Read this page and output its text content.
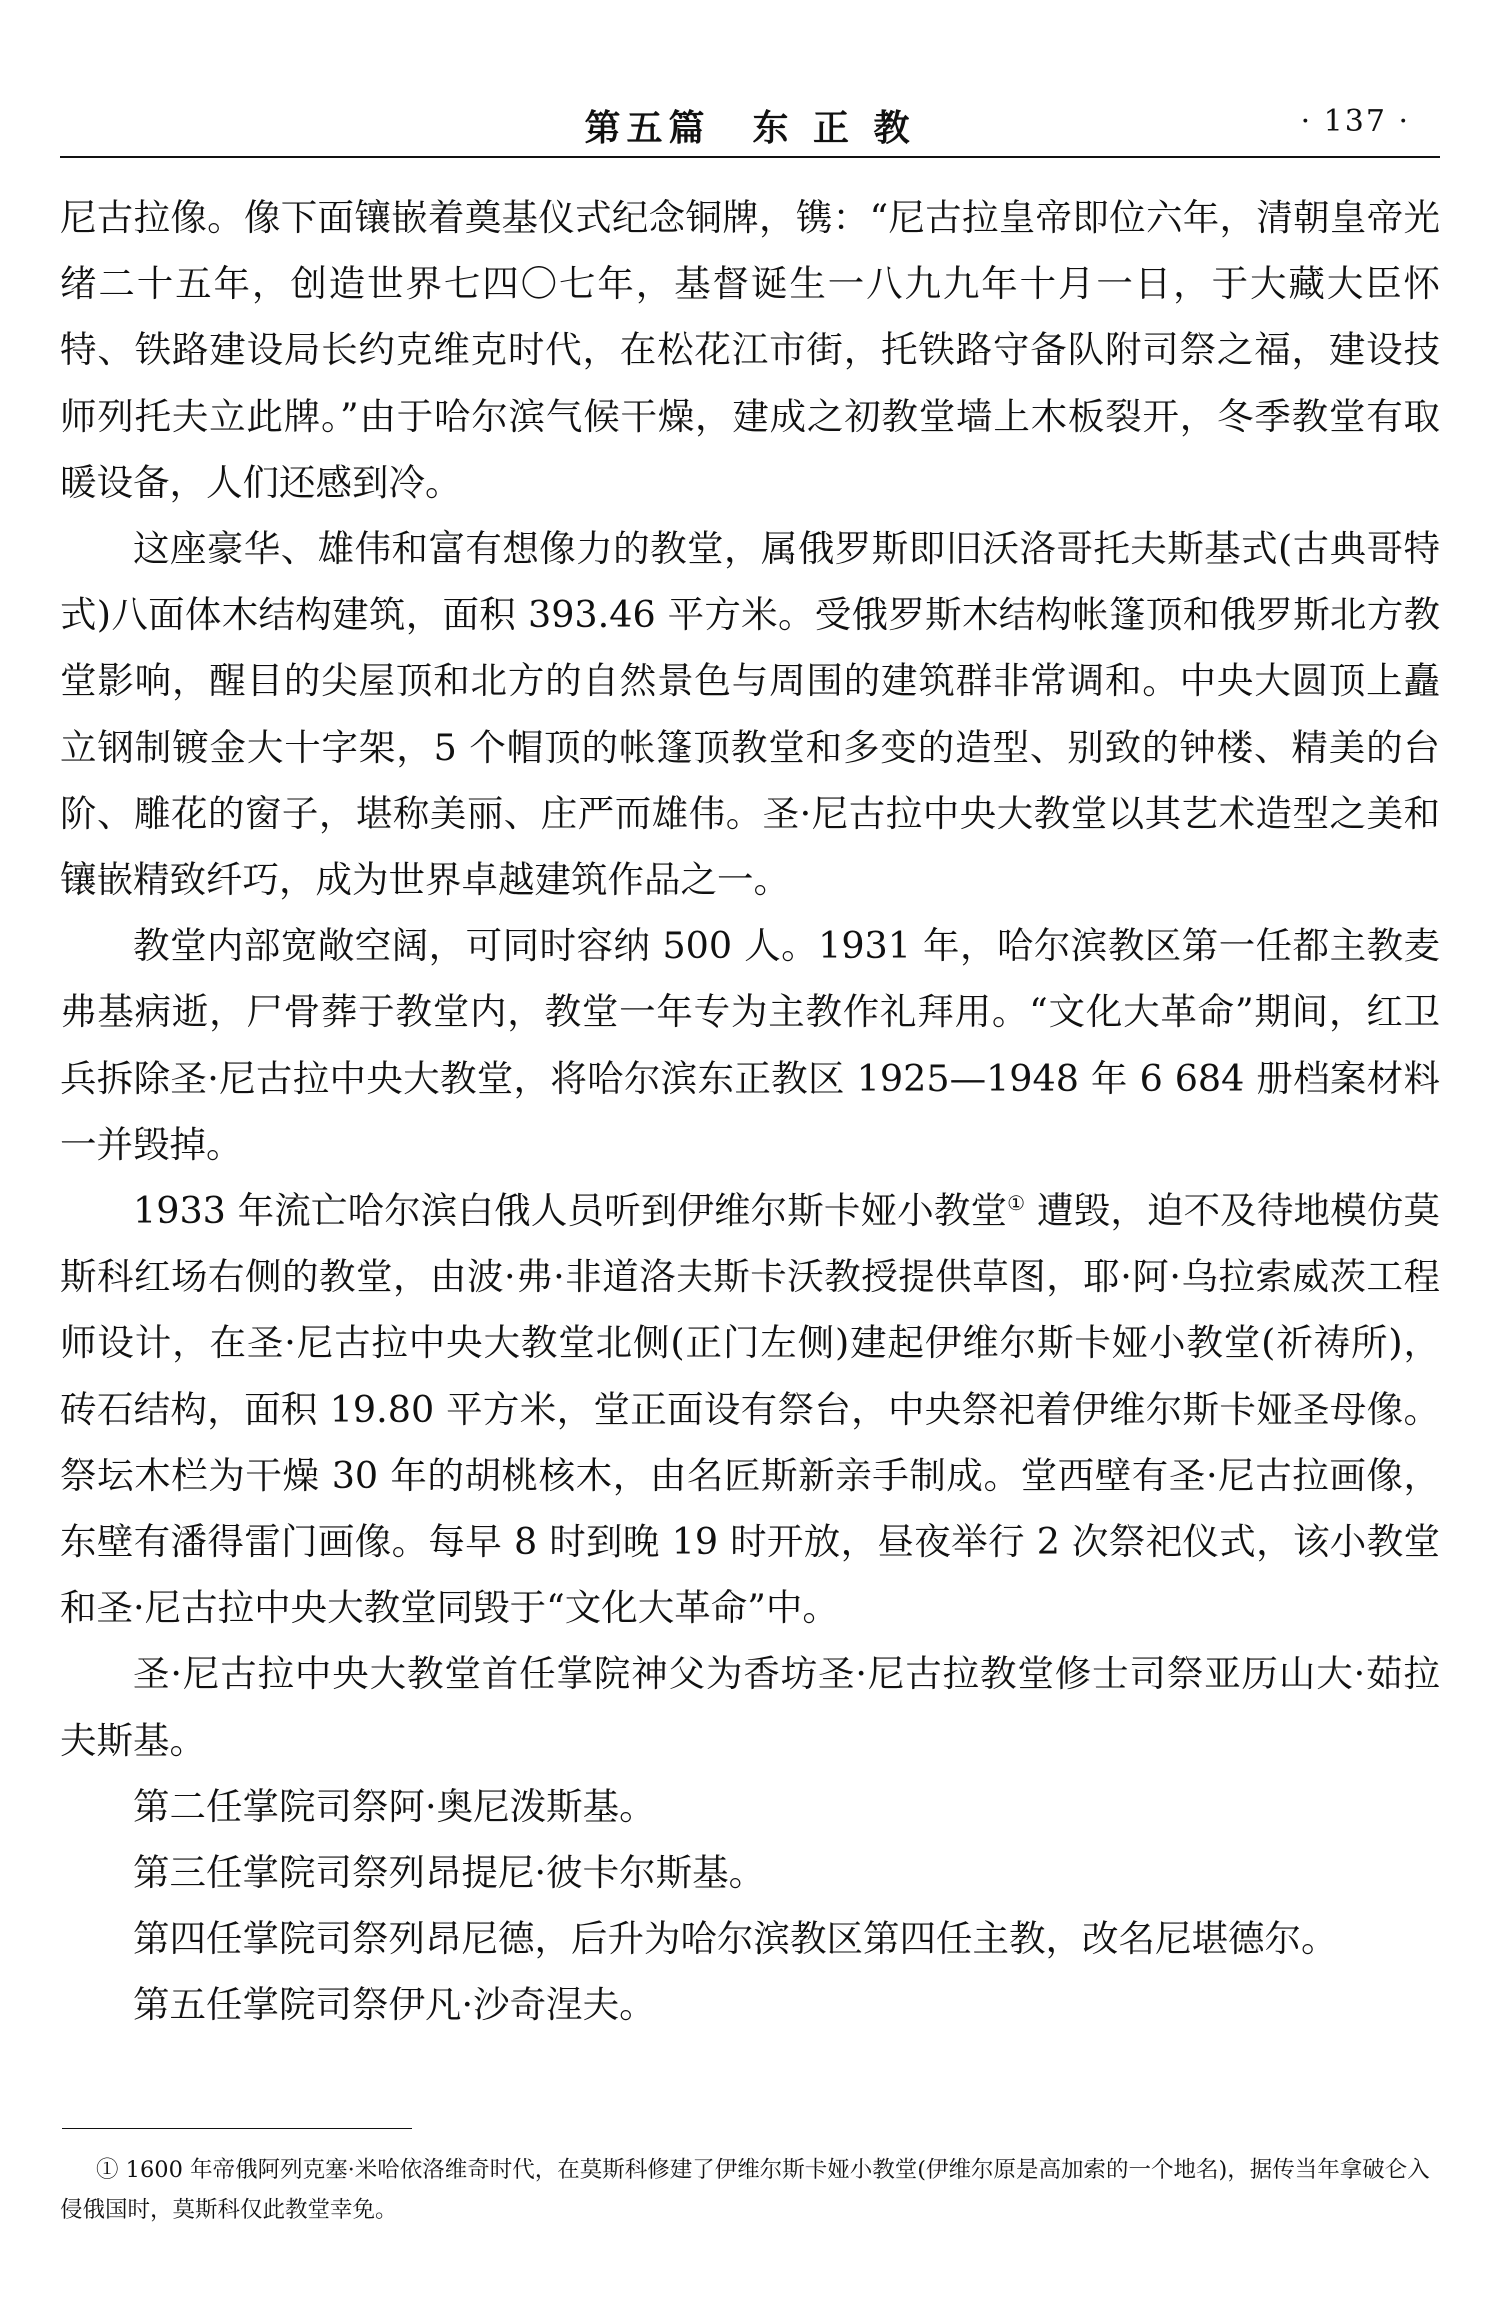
第五篇　东 正 教	· 137 ·

尼古拉像。像下面镶嵌着奠基仪式纪念铜牌，镌：“尼古拉皇帝即位六年，清朝皇帝光绪二十五年，创造世界七四〇七年，基督诞生一八九九年十月一日，于大藏大臣怀特、铁路建设局长约克维克时代，在松花江市街，托铁路守备队附司祭之福，建设技师列托夫立此牌。”由于哈尔滨气候干燥，建成之初教堂墙上木板裂开，冬季教堂有取暖设备，人们还感到冷。

这座豪华、雄伟和富有想像力的教堂，属俄罗斯即旧沃洛哥托夫斯基式(古典哥特式)八面体木结构建筑，面积 393.46 平方米。受俄罗斯木结构帐篷顶和俄罗斯北方教堂影响，醒目的尖屋顶和北方的自然景色与周围的建筑群非常调和。中央大圆顶上矗立钢制镀金大十字架，5 个帽顶的帐篷顶教堂和多变的造型、别致的钟楼、精美的台阶、雕花的窗子，堪称美丽、庄严而雄伟。圣·尼古拉中央大教堂以其艺术造型之美和镶嵌精致纤巧，成为世界卓越建筑作品之一。

教堂内部宽敞空阔，可同时容纳 500 人。1931 年，哈尔滨教区第一任都主教麦弗基病逝，尸骨葬于教堂内，教堂一年专为主教作礼拜用。“文化大革命”期间，红卫兵拆除圣·尼古拉中央大教堂，将哈尔滨东正教区 1925—1948 年 6 684 册档案材料一并毁掉。

1933 年流亡哈尔滨白俄人员听到伊维尔斯卡娅小教堂① 遭毁，迫不及待地模仿莫斯科红场右侧的教堂，由波·弗·非道洛夫斯卡沃教授提供草图，耶·阿·乌拉索威茨工程师设计，在圣·尼古拉中央大教堂北侧(正门左侧)建起伊维尔斯卡娅小教堂(祈祷所)，砖石结构，面积 19.80 平方米，堂正面设有祭台，中央祭祀着伊维尔斯卡娅圣母像。祭坛木栏为干燥 30 年的胡桃核木，由名匠斯新亲手制成。堂西壁有圣·尼古拉画像，东壁有潘得雷门画像。每早 8 时到晚 19 时开放，昼夜举行 2 次祭祀仪式，该小教堂和圣·尼古拉中央大教堂同毁于“文化大革命”中。

圣·尼古拉中央大教堂首任掌院神父为香坊圣·尼古拉教堂修士司祭亚历山大·茹拉夫斯基。

第二任掌院司祭阿·奥尼泼斯基。

第三任掌院司祭列昂提尼·彼卡尔斯基。

第四任掌院司祭列昂尼德，后升为哈尔滨教区第四任主教，改名尼堪德尔。

第五任掌院司祭伊凡·沙奇涅夫。

① 1600 年帝俄阿列克塞·米哈依洛维奇时代，在莫斯科修建了伊维尔斯卡娅小教堂(伊维尔原是高加索的一个地名)，据传当年拿破仑入侵俄国时，莫斯科仅此教堂幸免。
